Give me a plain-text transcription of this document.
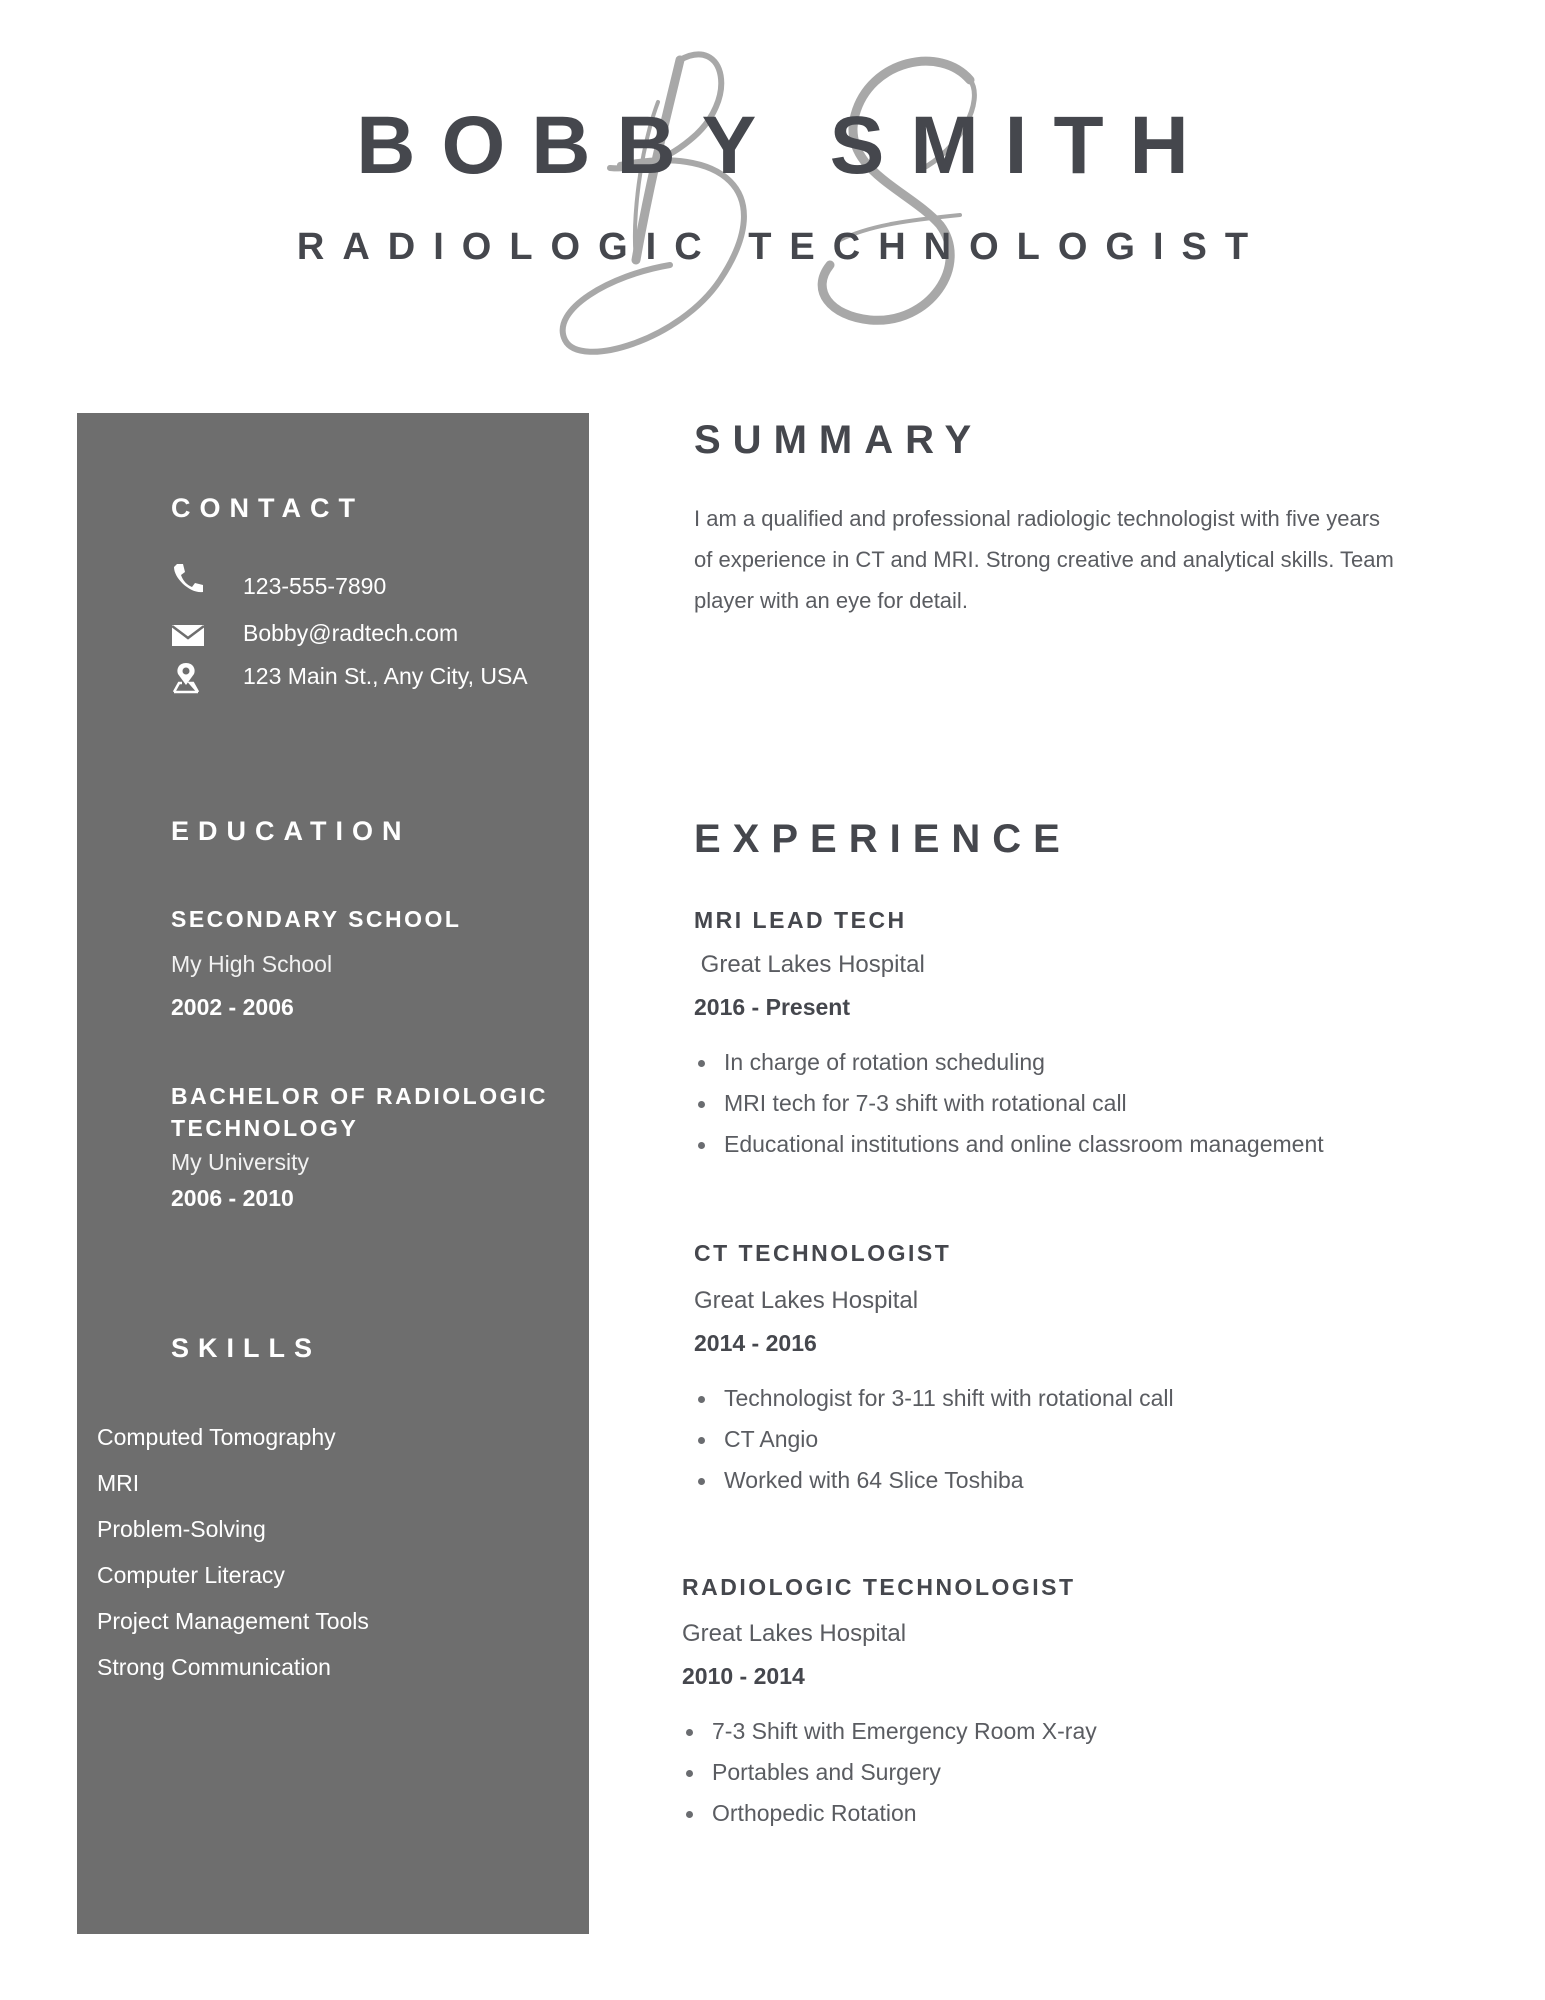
BOBBY SMITH
RADIOLOGIC TECHNOLOGIST
CONTACT
123-555-7890
Bobby@radtech.com
123 Main St., Any City, USA
EDUCATION
SECONDARY SCHOOL
My High School
2002 - 2006
BACHELOR OF RADIOLOGIC TECHNOLOGY
My University
2006 - 2010
SKILLS
Computed Tomography
MRI
Problem-Solving
Computer Literacy
Project Management Tools
Strong Communication
SUMMARY

I am a qualified and professional radiologic technologist with five years of experience in CT and MRI. Strong creative and analytical skills. Team player with an eye for detail.

EXPERIENCE
MRI LEAD TECH
Great Lakes Hospital
2016 - Present
In charge of rotation scheduling
MRI tech for 7-3 shift with rotational call
Educational institutions and online classroom management
CT TECHNOLOGIST
Great Lakes Hospital
2014 - 2016
Technologist for 3-11 shift with rotational call
CT Angio
Worked with 64 Slice Toshiba
RADIOLOGIC TECHNOLOGIST
Great Lakes Hospital
2010 - 2014
7-3 Shift with Emergency Room X-ray
Portables and Surgery
Orthopedic Rotation
